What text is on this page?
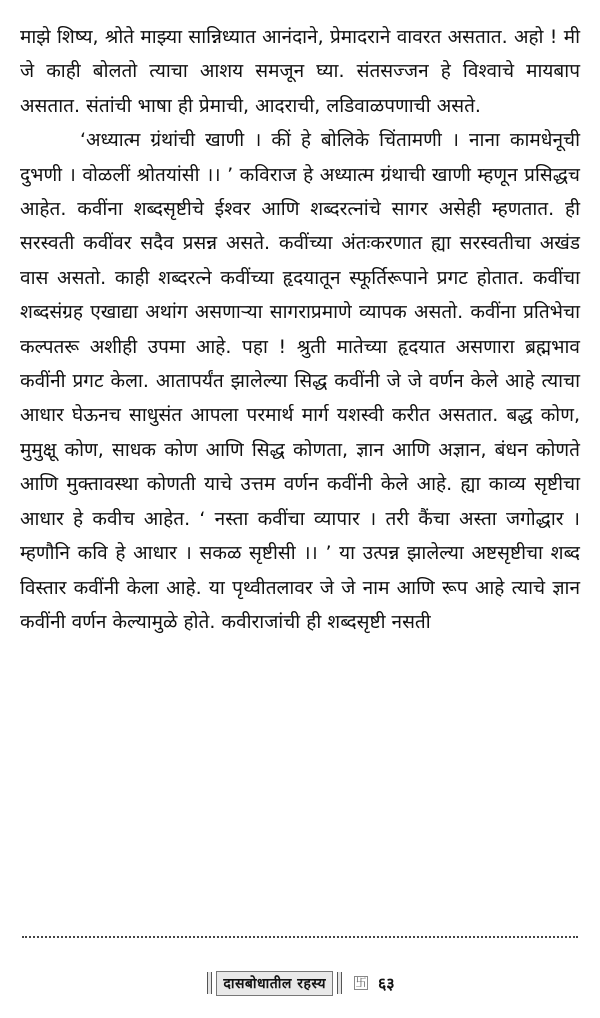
माझे शिष्य, श्रोते माझ्या सान्निध्यात आनंदाने, प्रेमादराने वावरत असतात. अहो ! मी जे काही बोलतो त्याचा आशय समजून घ्या. संतसज्जन हे विश्वाचे मायबाप असतात. संतांची भाषा ही प्रेमाची, आदराची, लडिवाळपणाची असते.

‘अध्यात्म ग्रंथांची खाणी । कीं हे बोलिके चिंतामणी । नाना कामधेनूची दुभणी । वोळलीं श्रोतयांसी ।। ’ कविराज हे अध्यात्म ग्रंथाची खाणी म्हणून प्रसिद्धच आहेत. कवींना शब्दसृष्टीचे ईश्वर आणि शब्दरत्नांचे सागर असेही म्हणतात. ही सरस्वती कवींवर सदैव प्रसन्न असते. कवींच्या अंतःकरणात ह्या सरस्वतीचा अखंड वास असतो. काही शब्दरत्ने कवींच्या हृदयातून स्फूर्तिरूपाने प्रगट होतात. कवींचा शब्दसंग्रह एखाद्या अथांग असणाऱ्या सागराप्रमाणे व्यापक असतो. कवींना प्रतिभेचा कल्पतरू अशीही उपमा आहे. पहा ! श्रुती मातेच्या हृदयात असणारा ब्रह्मभाव कवींनी प्रगट केला. आतापर्यंत झालेल्या सिद्ध कवींनी जे जे वर्णन केले आहे त्याचा आधार घेऊनच साधुसंत आपला परमार्थ मार्ग यशस्वी करीत असतात. बद्ध कोण, मुमुक्षू कोण, साधक कोण आणि सिद्ध कोणता, ज्ञान आणि अज्ञान, बंधन कोणते आणि मुक्तावस्था कोणती याचे उत्तम वर्णन कवींनी केले आहे. ह्या काव्य सृष्टीचा आधार हे कवीच आहेत. ‘ नस्ता कवींचा व्यापार । तरी कैंचा अस्ता जगोद्धार । म्हणौनि कवि हे आधार । सकळ सृष्टीसी ।। ’ या उत्पन्न झालेल्या अष्टसृष्टीचा शब्द विस्तार कवींनी केला आहे. या पृथ्वीतलावर जे जे नाम आणि रूप आहे त्याचे ज्ञान कवींनी वर्णन केल्यामुळे होते. कवीराजांची ही शब्दसृष्टी नसती

दासबोधातील रहस्य	卐 ६३
